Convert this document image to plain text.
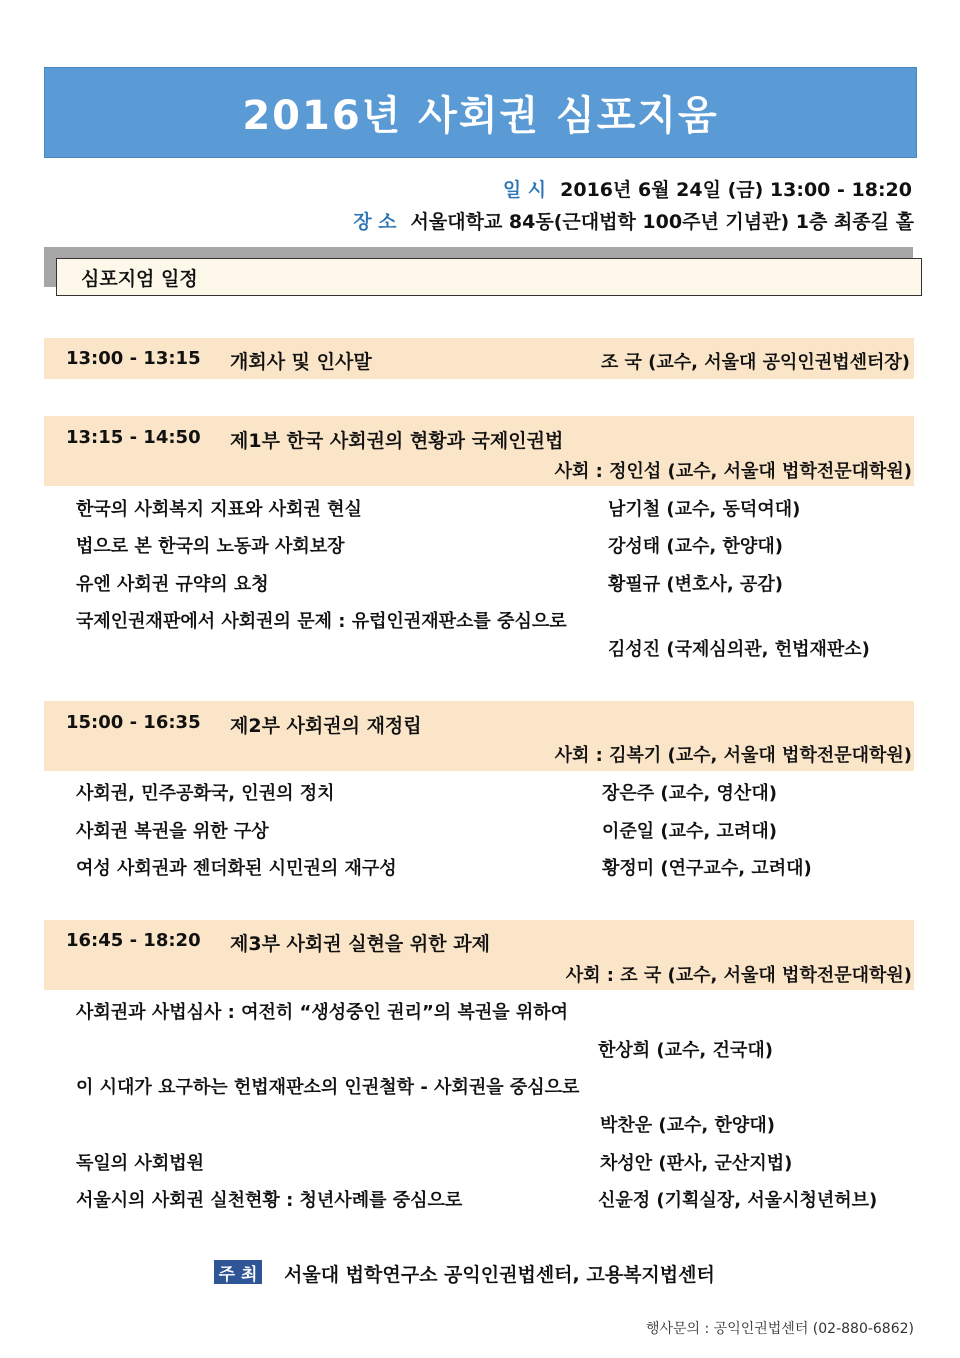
2016년 사회권 심포지움
일 시 2016년 6월 24일 (금) 13:00 - 18:20
장 소 서울대학교 84동(근대법학 100주년 기념관) 1층 최종길 홀
심포지엄 일정
13:00 - 13:15 개회사 및 인사말	조 국 (교수, 서울대 공익인권법센터장)
13:15 - 14:50 제1부 한국 사회권의 현황과 국제인권법
사회 : 정인섭 (교수, 서울대 법학전문대학원)
한국의 사회복지 지표와 사회권 현실	남기철 (교수, 동덕여대)
법으로 본 한국의 노동과 사회보장	강성태 (교수, 한양대)
유엔 사회권 규약의 요청	황필규 (변호사, 공감)
국제인권재판에서 사회권의 문제 : 유럽인권재판소를 중심으로
김성진 (국제심의관, 헌법재판소)
15:00 - 16:35 제2부 사회권의 재정립
사회 : 김복기 (교수, 서울대 법학전문대학원)
사회권, 민주공화국, 인권의 정치	장은주 (교수, 영산대)
사회권 복권을 위한 구상	이준일 (교수, 고려대)
여성 사회권과 젠더화된 시민권의 재구성	황정미 (연구교수, 고려대)
16:45 - 18:20 제3부 사회권 실현을 위한 과제
사회 : 조 국 (교수, 서울대 법학전문대학원)
사회권과 사법심사 : 여전히 “생성중인 권리”의 복권을 위하여
한상희 (교수, 건국대)
이 시대가 요구하는 헌법재판소의 인권철학 - 사회권을 중심으로
박찬운 (교수, 한양대)
독일의 사회법원	차성안 (판사, 군산지법)
서울시의 사회권 실천현황 : 청년사례를 중심으로	신윤정 (기획실장, 서울시청년허브)
주 최 서울대 법학연구소 공익인권법센터, 고용복지법센터
행사문의 : 공익인권법센터 (02-880-6862)
